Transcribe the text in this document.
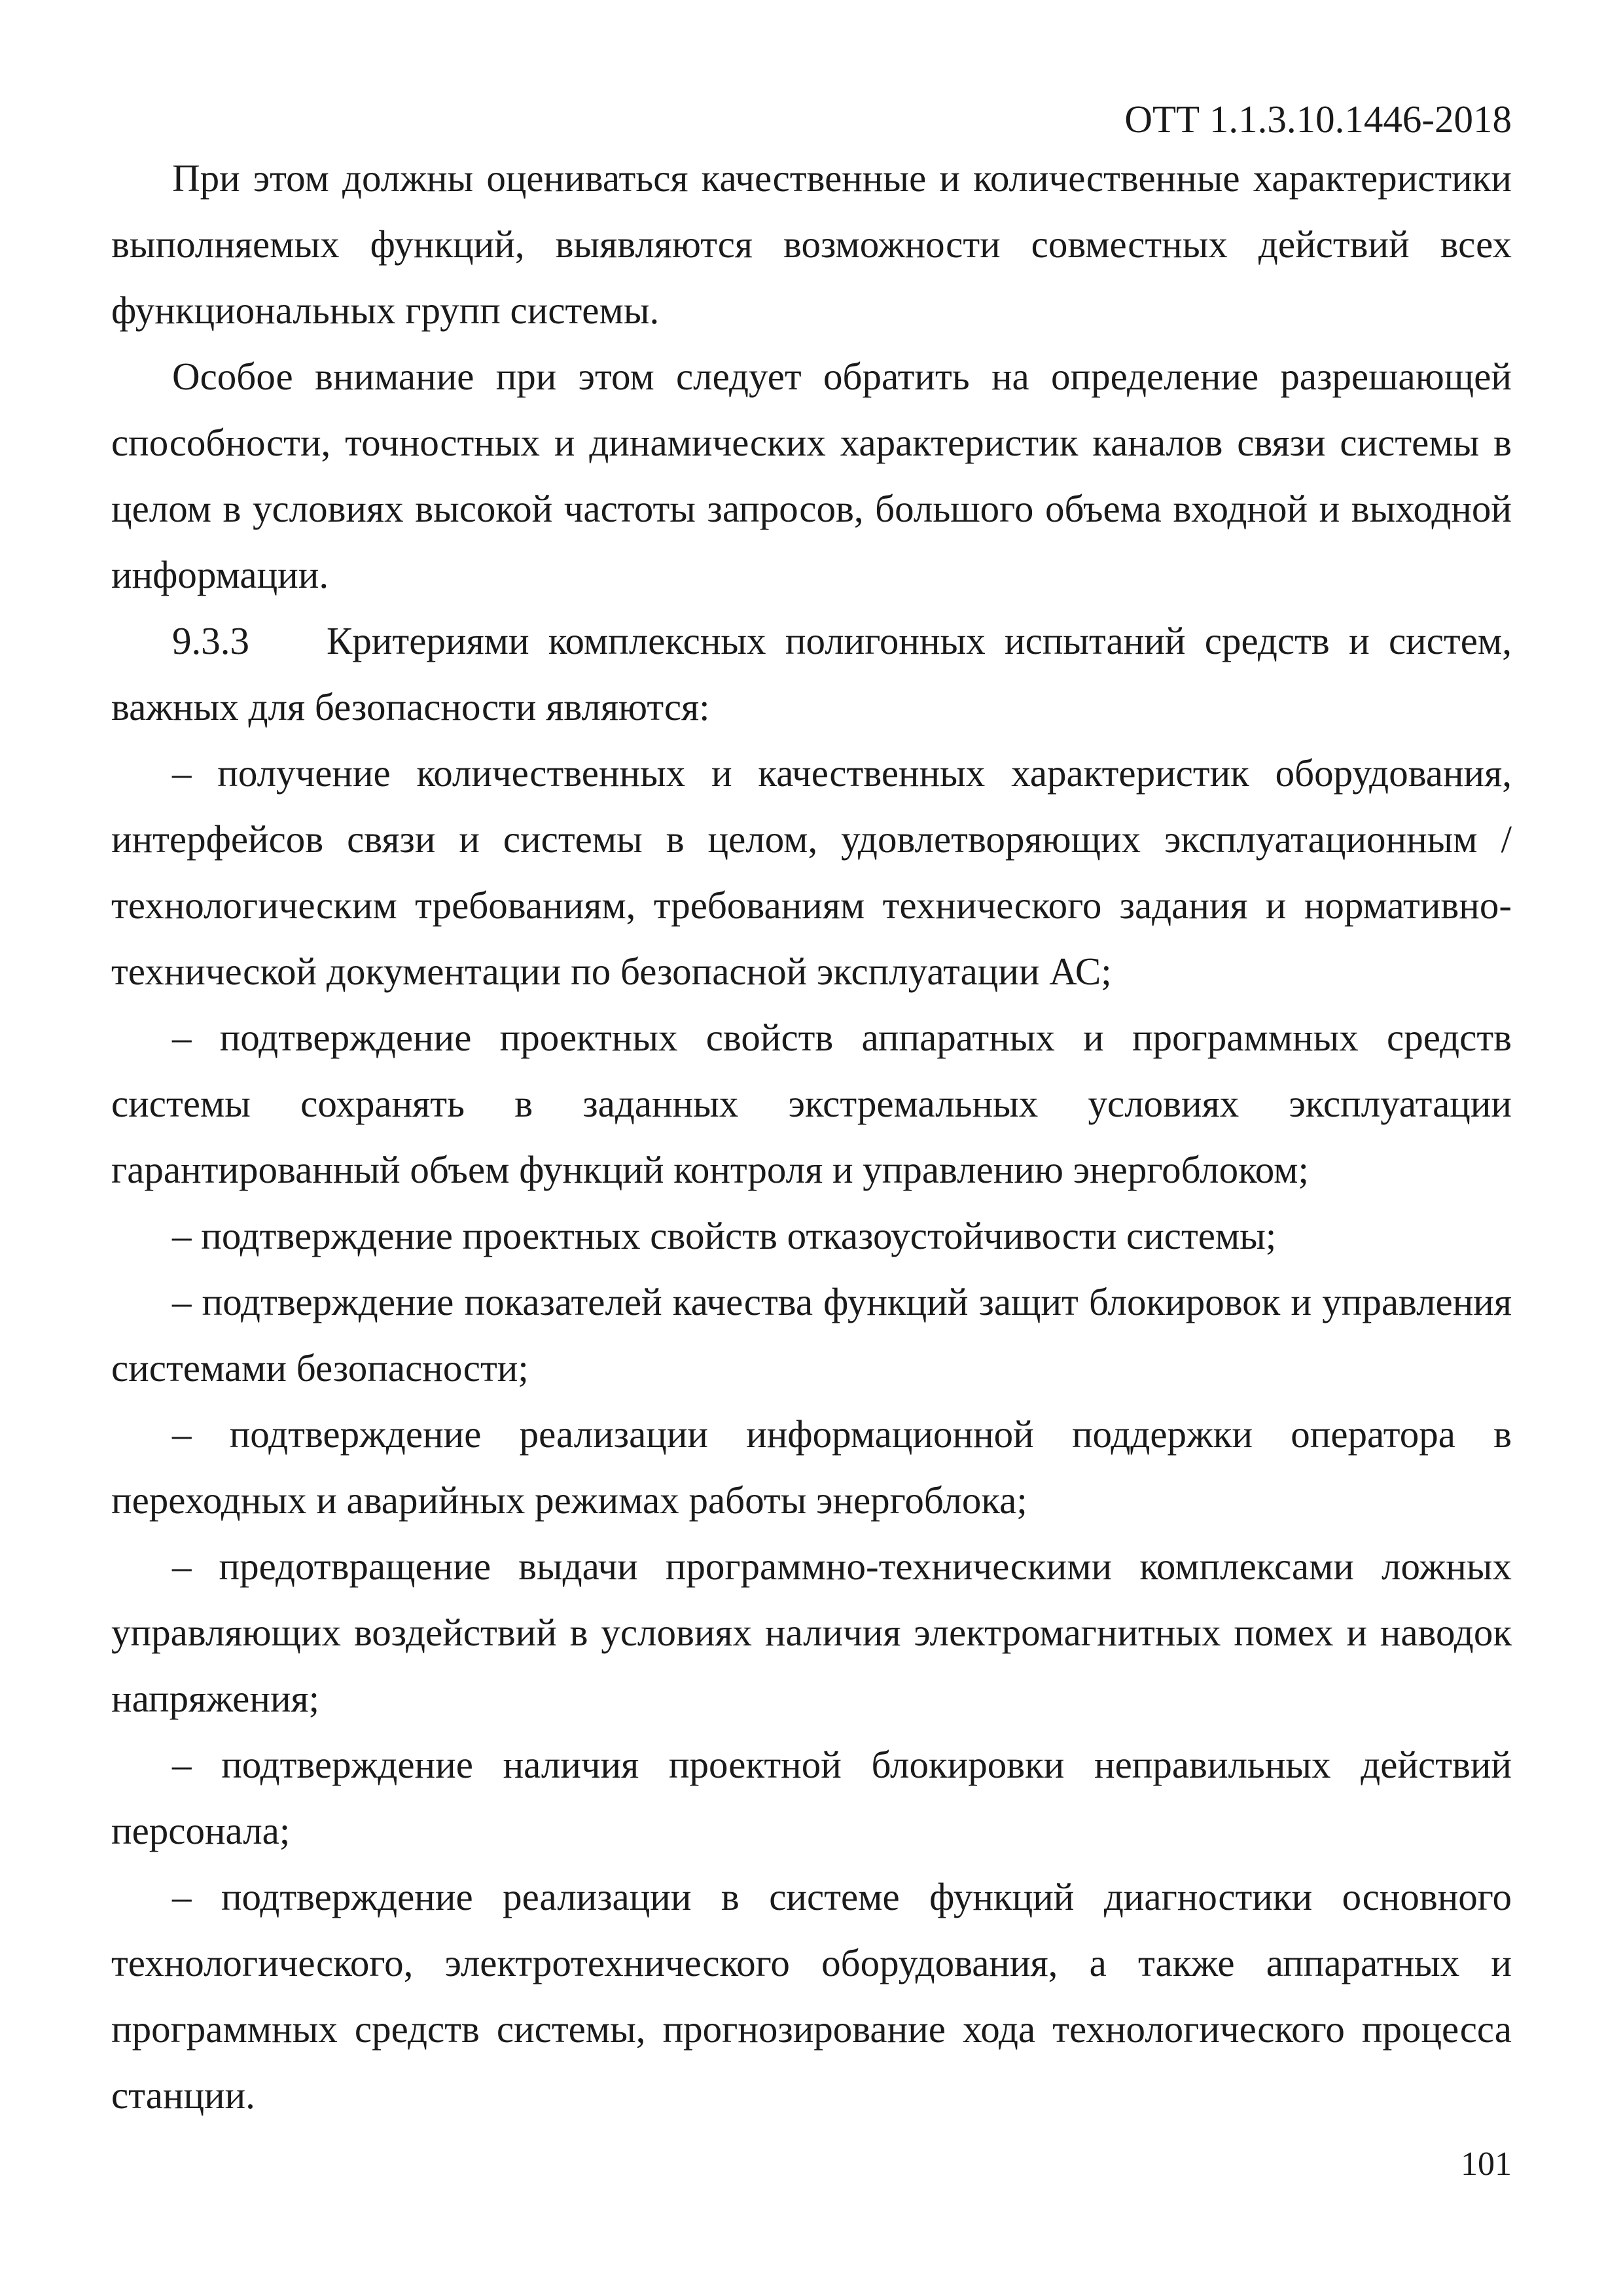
ОТТ 1.1.3.10.1446-2018

При этом должны оцениваться качественные и количественные характеристики выполняемых функций, выявляются возможности совместных действий всех функциональных групп системы.

Особое внимание при этом следует обратить на определение разрешающей способности, точностных и динамических характеристик каналов связи системы в целом в условиях высокой частоты запросов, большого объема входной и выходной информации.

9.3.3  Критериями комплексных полигонных испытаний средств и систем, важных для безопасности являются:

– получение количественных и качественных характеристик оборудования, интерфейсов связи и системы в целом, удовлетворяющих эксплуатационным / технологическим требованиям, требованиям технического задания и нормативно-технической документации по безопасной эксплуатации АС;

– подтверждение проектных свойств аппаратных и программных средств системы сохранять в заданных экстремальных условиях эксплуатации гарантированный объем функций контроля и управлению энергоблоком;

– подтверждение проектных свойств отказоустойчивости системы;

– подтверждение показателей качества функций защит блокировок и управления системами безопасности;

– подтверждение реализации информационной поддержки оператора в переходных и аварийных режимах работы энергоблока;

– предотвращение выдачи программно-техническими комплексами ложных управляющих воздействий в условиях наличия электромагнитных помех и наводок напряжения;

– подтверждение наличия проектной блокировки неправильных действий персонала;

– подтверждение реализации в системе функций диагностики основного технологического, электротехнического оборудования, а также аппаратных и программных средств системы, прогнозирование хода технологического процесса станции.

101
